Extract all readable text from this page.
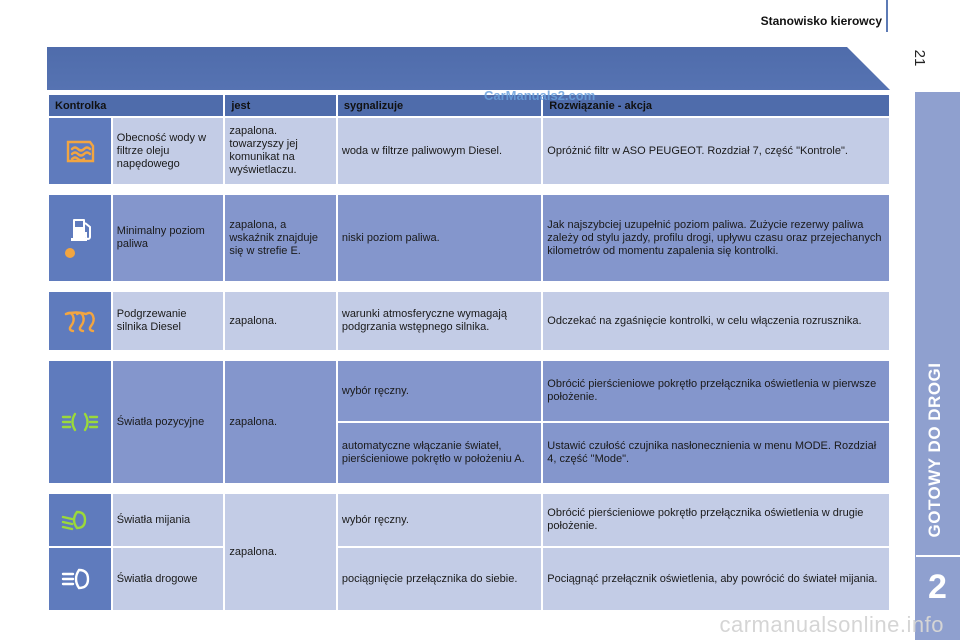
Stanowisko kierowcy
21
GOTOWY DO DROGI
2
Kontrolka		jest	sygnalizuje	Rozwiązanie - akcja
	Obecność wody w filtrze oleju napędowego	zapalona. towarzyszy jej komunikat na wyświetlaczu.	woda w filtrze paliwowym Diesel.	Opróżnić filtr w ASO PEUGEOT. Rozdział 7, część "Kontrole".

	Minimalny poziom paliwa	zapalona, a wskaźnik znajduje się w strefie E.	niski poziom paliwa.	Jak najszybciej uzupełnić poziom paliwa. Zużycie rezerwy paliwa zależy od stylu jazdy, profilu drogi, upływu czasu oraz przejechanych kilometrów od momentu zapalenia się kontrolki.

	Podgrzewanie silnika Diesel	zapalona.	warunki atmosferyczne wymagają podgrzania wstępnego silnika.	Odczekać na zgaśnięcie kontrolki, w celu włączenia rozrusznika.

	Światła pozycyjne	zapalona.	wybór ręczny.	Obrócić pierścieniowe pokrętło przełącznika oświetlenia w pierwsze położenie.
			automatyczne włączanie świateł, pierścieniowe pokrętło w położeniu A.	Ustawić czułość czujnika nasłonecznienia w menu MODE. Rozdział 4, część "Mode".

	Światła mijania	zapalona.	wybór ręczny.	Obrócić pierścieniowe pokrętło przełącznika oświetlenia w drugie położenie.
	Światła drogowe		pociągnięcie przełącznika do siebie.	Pociągnąć przełącznik oświetlenia, aby powrócić do świateł mijania.
CarManuals2.com
carmanualsonline.info
